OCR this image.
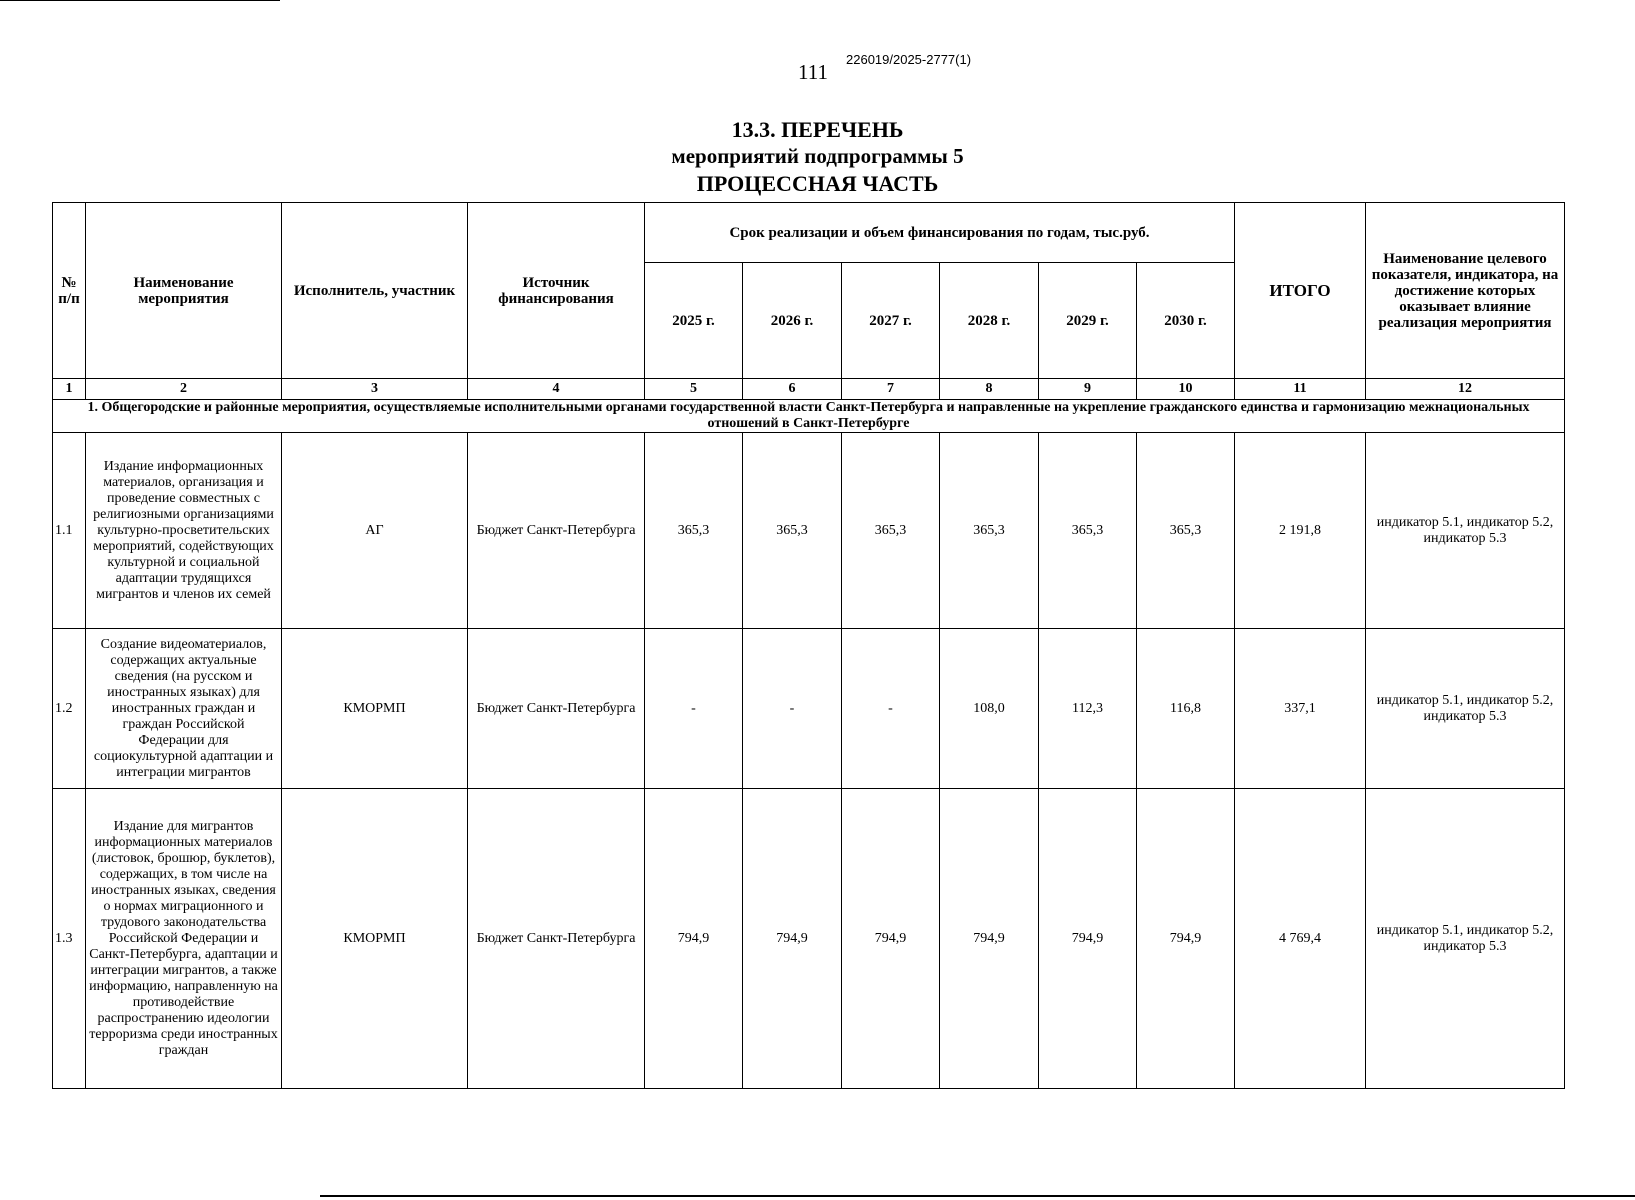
111
226019/2025-2777(1)
13.3. ПЕРЕЧЕНЬ
мероприятий подпрограммы 5
ПРОЦЕССНАЯ ЧАСТЬ
№ п/п	Наименование мероприятия	Исполнитель, участник	Источник финансирования	Срок реализации и объем финансирования по годам, тыс.руб.						ИТОГО	Наименование целевого показателя, индикатора, на достижение которых оказывает влияние реализация мероприятия
				2025 г.	2026 г.	2027 г.	2028 г.	2029 г.	2030 г.		
1	2	3	4	5	6	7	8	9	10	11	12
1. Общегородские и районные мероприятия, осуществляемые исполнительными органами государственной власти Санкт-Петербурга и направленные на укрепление гражданского единства и гармонизацию межнациональных отношений в Санкт-Петербурге											
1.1	Издание информационных материалов, организация и проведение совместных с религиозными организациями культурно-просветительских мероприятий, содействующих культурной и социальной адаптации трудящихся мигрантов и членов их семей	АГ	Бюджет Санкт-Петербурга	365,3	365,3	365,3	365,3	365,3	365,3	2 191,8	индикатор 5.1, индикатор 5.2, индикатор 5.3
1.2	Создание видеоматериалов, содержащих актуальные сведения (на русском и иностранных языках) для иностранных граждан и граждан Российской Федерации для социокультурной адаптации и интеграции мигрантов	КМОРМП	Бюджет Санкт-Петербурга	-	-	-	108,0	112,3	116,8	337,1	индикатор 5.1, индикатор 5.2, индикатор 5.3
1.3	Издание для мигрантов информационных материалов (листовок, брошюр, буклетов), содержащих, в том числе на иностранных языках, сведения о нормах миграционного и трудового законодательства Российской Федерации и Санкт-Петербурга, адаптации и интеграции мигрантов, а также информацию, направленную на противодействие распространению идеологии терроризма среди иностранных граждан	КМОРМП	Бюджет Санкт-Петербурга	794,9	794,9	794,9	794,9	794,9	794,9	4 769,4	индикатор 5.1, индикатор 5.2, индикатор 5.3
